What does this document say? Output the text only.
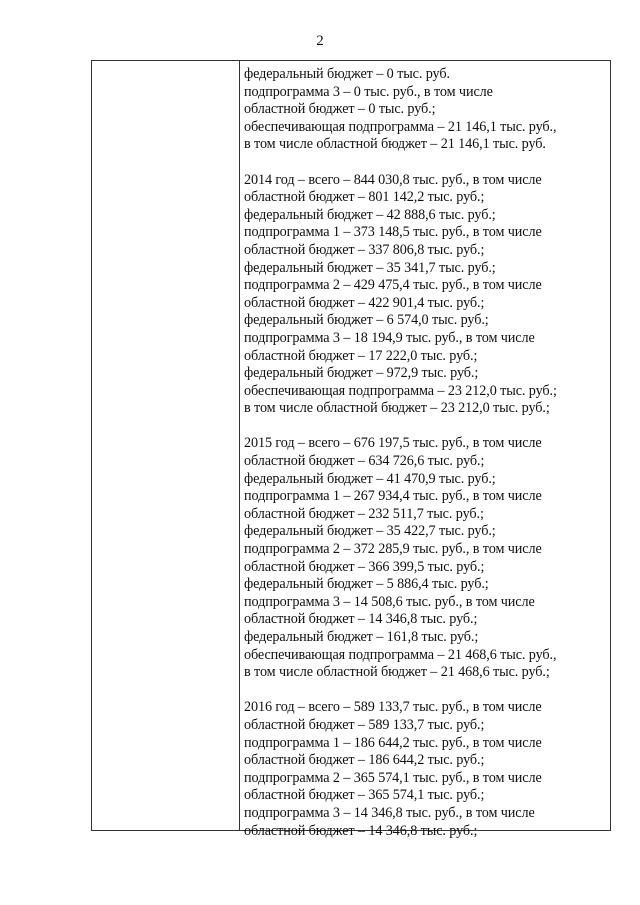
2
федеральный бюджет – 0 тыс. руб.
подпрограмма 3 – 0 тыс. руб., в том числе
областной бюджет – 0 тыс. руб.;
обеспечивающая подпрограмма – 21 146,1 тыс. руб.,
в том числе областной бюджет – 21 146,1 тыс. руб.
2014 год – всего – 844 030,8 тыс. руб., в том числе
областной бюджет – 801 142,2 тыс. руб.;
федеральный бюджет – 42 888,6 тыс. руб.;
подпрограмма 1 – 373 148,5 тыс. руб., в том числе
областной бюджет – 337 806,8 тыс. руб.;
федеральный бюджет – 35 341,7 тыс. руб.;
подпрограмма 2 – 429 475,4 тыс. руб., в том числе
областной бюджет – 422 901,4 тыс. руб.;
федеральный бюджет – 6 574,0 тыс. руб.;
подпрограмма 3 – 18 194,9 тыс. руб., в том числе
областной бюджет – 17 222,0 тыс. руб.;
федеральный бюджет – 972,9 тыс. руб.;
обеспечивающая подпрограмма – 23 212,0 тыс. руб.;
в том числе областной бюджет – 23 212,0 тыс. руб.;
2015 год – всего – 676 197,5 тыс. руб., в том числе
областной бюджет – 634 726,6 тыс. руб.;
федеральный бюджет – 41 470,9 тыс. руб.;
подпрограмма 1 – 267 934,4 тыс. руб., в том числе
областной бюджет – 232 511,7 тыс. руб.;
федеральный бюджет – 35 422,7 тыс. руб.;
подпрограмма 2 – 372 285,9 тыс. руб., в том числе
областной бюджет – 366 399,5 тыс. руб.;
федеральный бюджет – 5 886,4 тыс. руб.;
подпрограмма 3 – 14 508,6 тыс. руб., в том числе
областной бюджет – 14 346,8 тыс. руб.;
федеральный бюджет – 161,8 тыс. руб.;
обеспечивающая подпрограмма – 21 468,6 тыс. руб.,
в том числе областной бюджет – 21 468,6 тыс. руб.;
2016 год – всего – 589 133,7 тыс. руб., в том числе
областной бюджет – 589 133,7 тыс. руб.;
подпрограмма 1 – 186 644,2 тыс. руб., в том числе
областной бюджет – 186 644,2 тыс. руб.;
подпрограмма 2 – 365 574,1 тыс. руб., в том числе
областной бюджет – 365 574,1 тыс. руб.;
подпрограмма 3 – 14 346,8 тыс. руб., в том числе
областной бюджет – 14 346,8 тыс. руб.;
